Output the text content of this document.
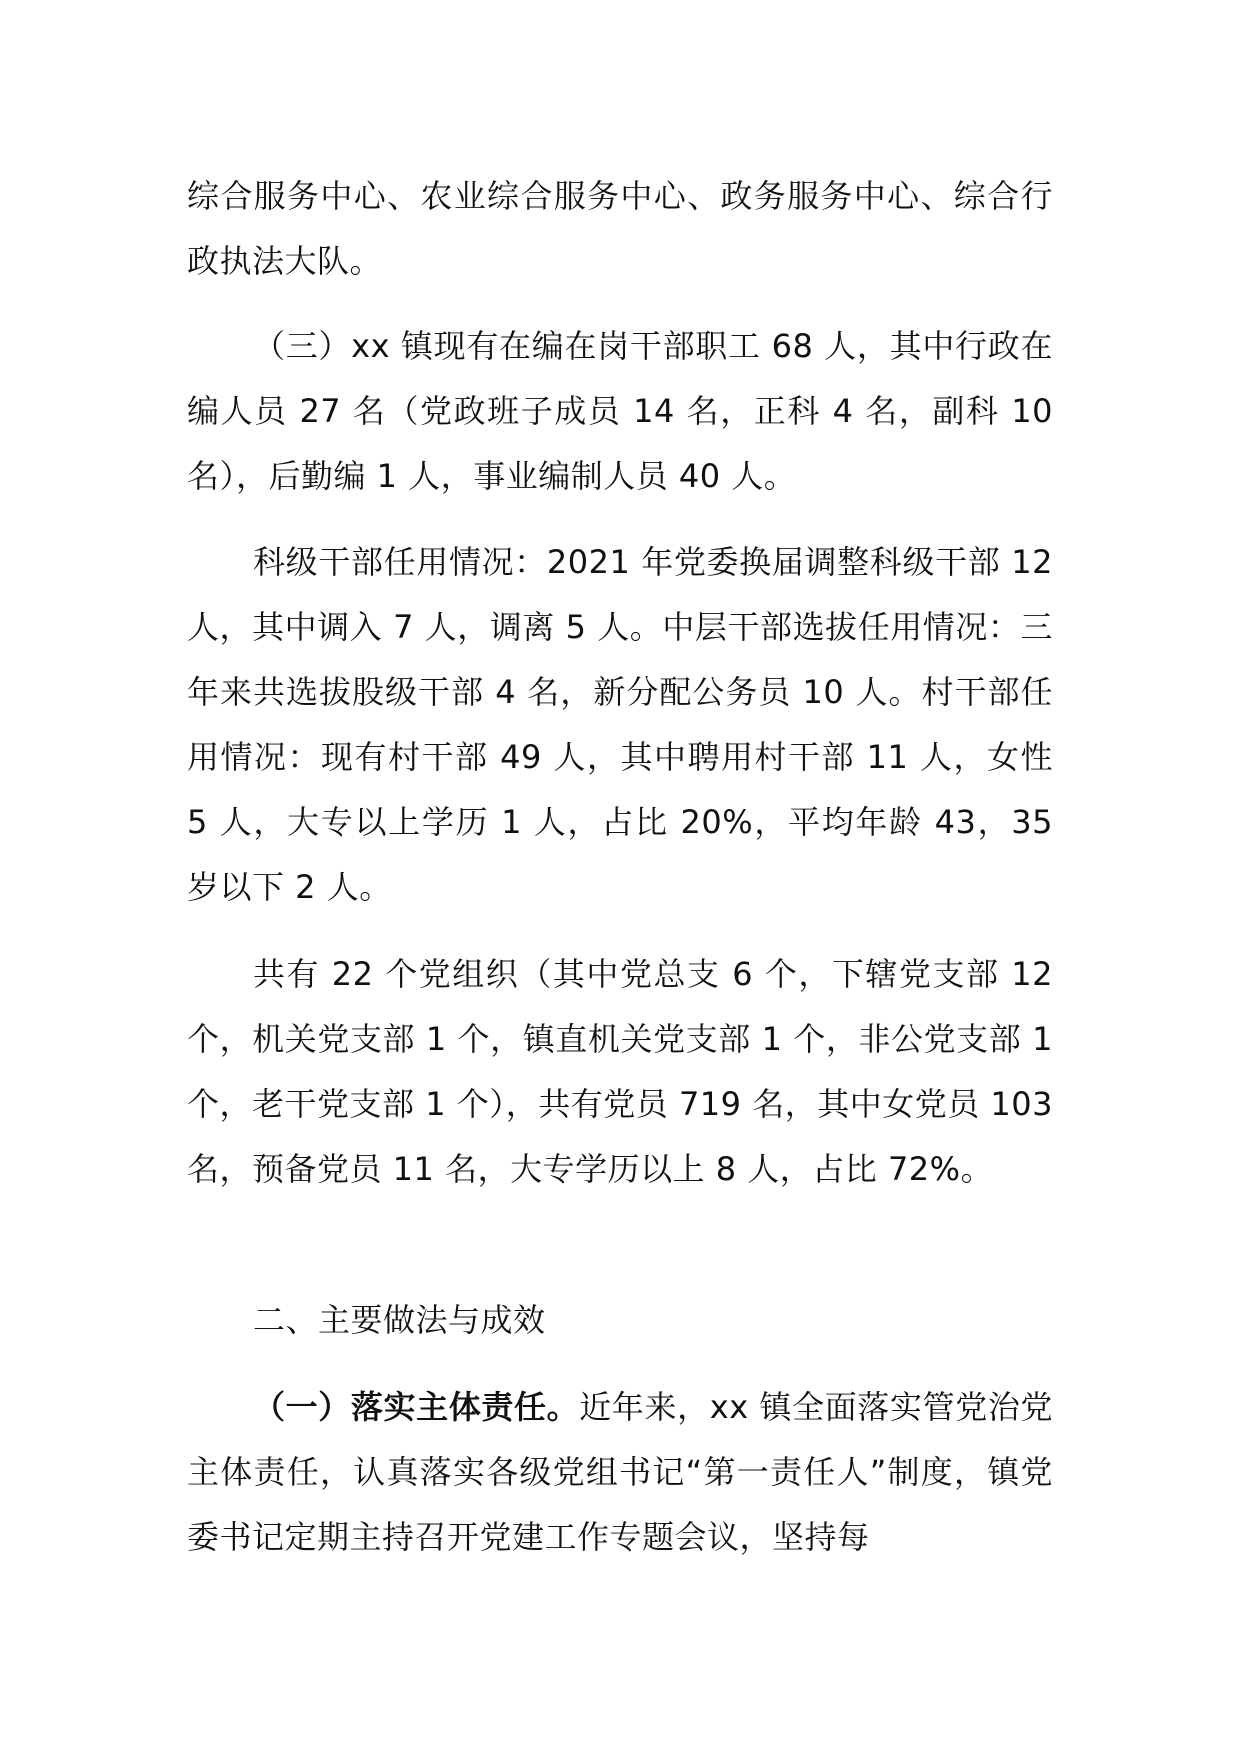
综合服务中心、农业综合服务中心、政务服务中心、综合行政执法大队。

（三）xx 镇现有在编在岗干部职工 68 人，其中行政在编人员 27 名（党政班子成员 14 名，正科 4 名，副科 10 名），后勤编 1 人，事业编制人员 40 人。

科级干部任用情况：2021 年党委换届调整科级干部 12 人，其中调入 7 人，调离 5 人。中层干部选拔任用情况：三年来共选拔股级干部 4 名，新分配公务员 10 人。村干部任用情况：现有村干部 49 人，其中聘用村干部 11 人，女性 5 人，大专以上学历 1 人，占比 20%，平均年龄 43，35 岁以下 2 人。

共有 22 个党组织（其中党总支 6 个，下辖党支部 12 个，机关党支部 1 个，镇直机关党支部 1 个，非公党支部 1 个，老干党支部 1 个），共有党员 719 名，其中女党员 103 名，预备党员 11 名，大专学历以上 8 人，占比 72%。

二、主要做法与成效

（一）落实主体责任。近年来，xx 镇全面落实管党治党主体责任，认真落实各级党组书记“第一责任人”制度，镇党委书记定期主持召开党建工作专题会议，坚持每
